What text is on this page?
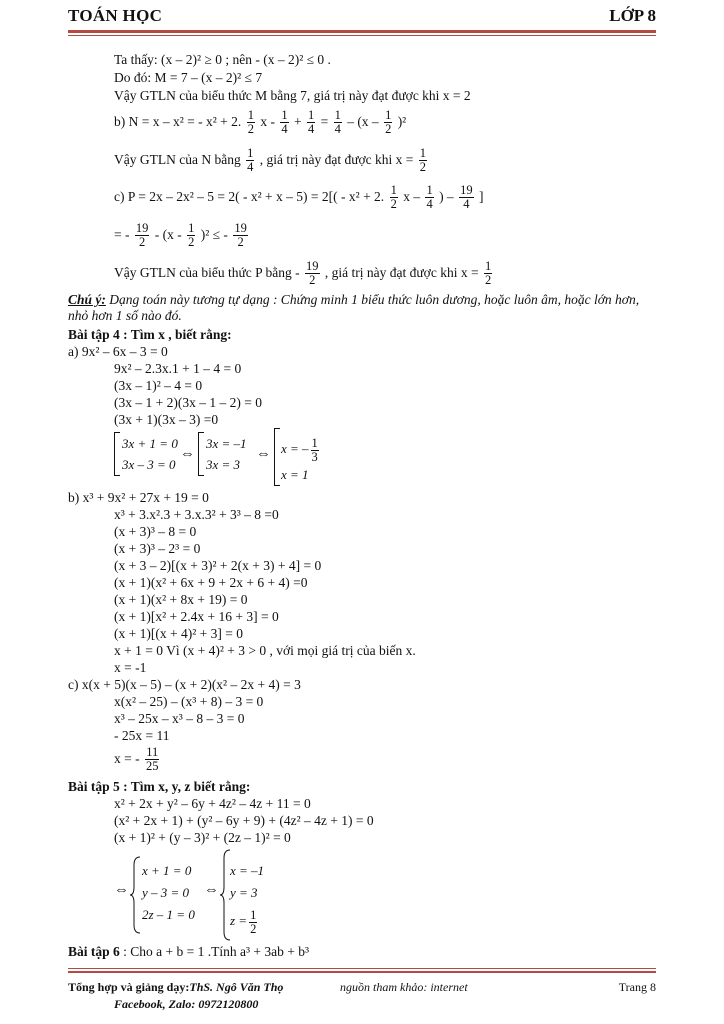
TOÁN HỌC	LỚP 8
Ta thấy: (x – 2)² ≥ 0 ; nên - (x – 2)² ≤ 0 .
Do đó: M = 7 – (x – 2)² ≤ 7
Vậy GTLN của biểu thức M bằng 7, giá trị này đạt được khi x = 2
b) N = x – x² = - x² + 2. $\frac{1}{2}$ $x - \frac{1}{4} + \frac{1}{4} = \frac{1}{4} - (x - \frac{1}{2} )^2$
Vậy GTLN của N bằng $\frac{1}{4}$ , giá trị này đạt được khi $x = \frac{1}{2}$
c) P = 2x – 2x² – 5 = 2( - x² + x – 5) = 2[( - x² + 2. $\frac{1}{2}$ x – $\frac{1}{4}$ ) – $\frac{19}{4}$ ]
= - $\frac{19}{2} - (x - \frac{1}{2} )^2$ ≤ - $\frac{19}{2}$
Vậy GTLN của biểu thức P bằng - $\frac{19}{2}$ , giá trị này đạt được khi $x = \frac{1}{2}$
Chú ý: Dạng toán này tương tự dạng : Chứng minh 1 biểu thức luôn dương, hoặc luôn âm, hoặc lớn hơn, nhỏ hơn 1 số nào đó.
Bài tập 4 : Tìm x , biết rằng:
a) 9x² – 6x – 3 = 0
9x² – 2.3x.1 + 1 – 4 = 0
(3x – 1)² – 4 = 0
(3x – 1 + 2)(3x – 1 – 2) = 0
(3x + 1)(3x – 3) =0
3x + 1 = 0
3x – 3 = 0
⇔
3x = –1
3x = 3
⇔ x = – $\frac{1}{3}$
x = 1
b) x³ + 9x² + 27x + 19 = 0
x³ + 3.x².3 + 3.x.3² + 3³ – 8 =0
(x + 3)³ – 8 = 0
(x + 3)³ – 2³ = 0
(x + 3 – 2)[(x + 3)² + 2(x + 3) + 4] = 0
(x + 1)(x² + 6x + 9 + 2x + 6 + 4) =0
(x + 1)(x² + 8x + 19) = 0
(x + 1)[x² + 2.4x + 16 + 3] = 0
(x + 1)[(x + 4)² + 3] = 0
x + 1 = 0 Vì (x + 4)² + 3 > 0 , với mọi giá trị của biến x.
x = -1
c) x(x + 5)(x – 5) – (x + 2)(x² – 2x + 4) = 3
x(x² – 25) – (x³ + 8) – 3 = 0
x³ – 25x – x³ – 8 – 3 = 0
- 25x = 11
x = - $\frac{11}{25}$
Bài tập 5 : Tìm x, y, z biết rằng:
x² + 2x + y² – 6y + 4z² – 4z + 11 = 0
(x² + 2x + 1) + (y² – 6y + 9) + (4z² – 4z + 1) = 0
(x + 1)² + (y – 3)² + (2z – 1)² = 0
⇔
x + 1 = 0
y – 3 = 0
2z – 1 = 0
⇔
x = –1
y = 3
$z = \frac{1}{2}$
Bài tập 6 : Cho a + b = 1 .Tính a³ + 3ab + b³
Tổng hợp và giảng dạy:ThS. Ngô Văn Thọ
Facebook, Zalo: 0972120800
nguồn tham khảo: internet	Trang 8
